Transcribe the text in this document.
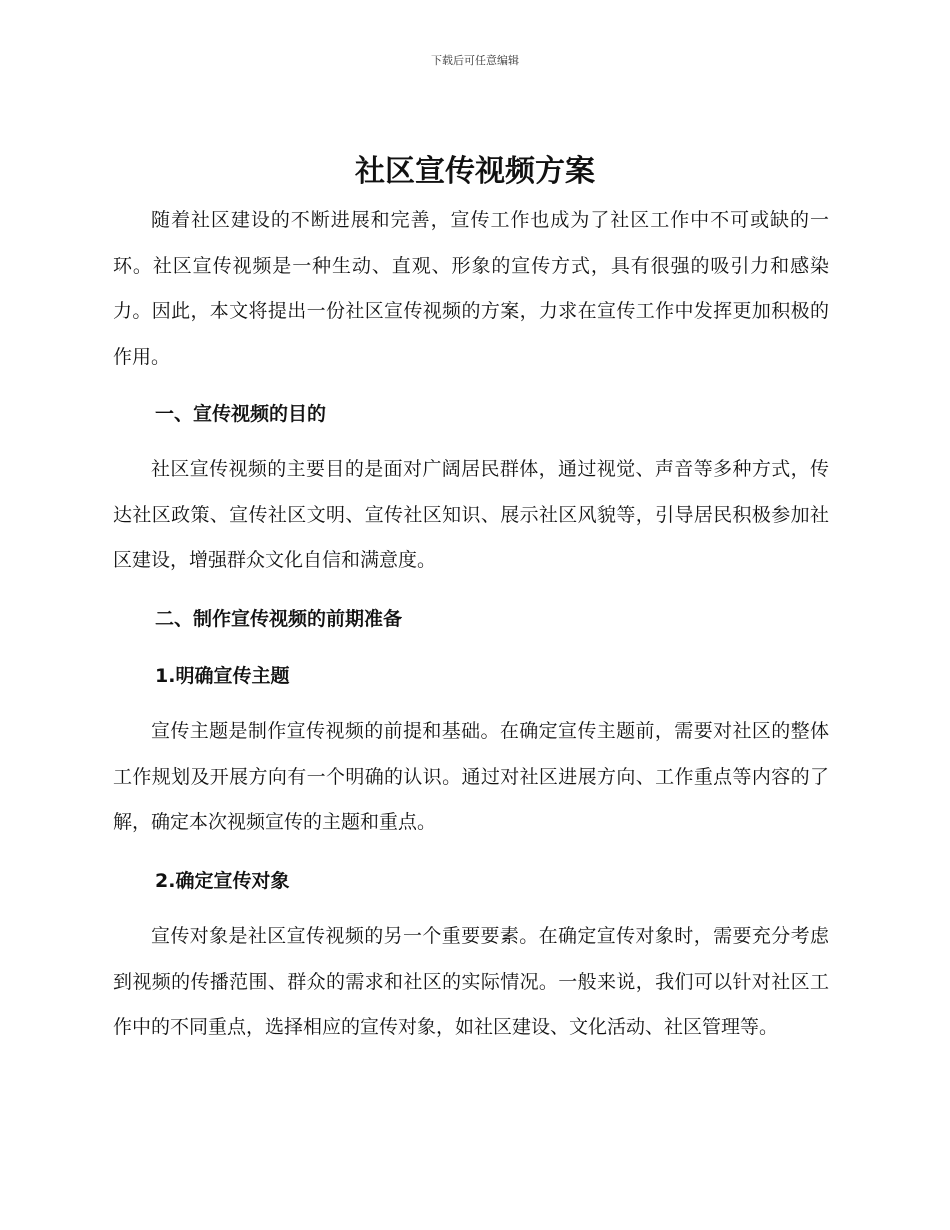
下载后可任意编辑
社区宣传视频方案

随着社区建设的不断进展和完善，宣传工作也成为了社区工作中不可或缺的一环。社区宣传视频是一种生动、直观、形象的宣传方式，具有很强的吸引力和感染力。因此，本文将提出一份社区宣传视频的方案，力求在宣传工作中发挥更加积极的作用。

一、宣传视频的目的

社区宣传视频的主要目的是面对广阔居民群体，通过视觉、声音等多种方式，传达社区政策、宣传社区文明、宣传社区知识、展示社区风貌等，引导居民积极参加社区建设，增强群众文化自信和满意度。

二、制作宣传视频的前期准备
1.明确宣传主题

宣传主题是制作宣传视频的前提和基础。在确定宣传主题前，需要对社区的整体工作规划及开展方向有一个明确的认识。通过对社区进展方向、工作重点等内容的了解，确定本次视频宣传的主题和重点。

2.确定宣传对象

宣传对象是社区宣传视频的另一个重要要素。在确定宣传对象时，需要充分考虑到视频的传播范围、群众的需求和社区的实际情况。一般来说，我们可以针对社区工作中的不同重点，选择相应的宣传对象，如社区建设、文化活动、社区管理等。
